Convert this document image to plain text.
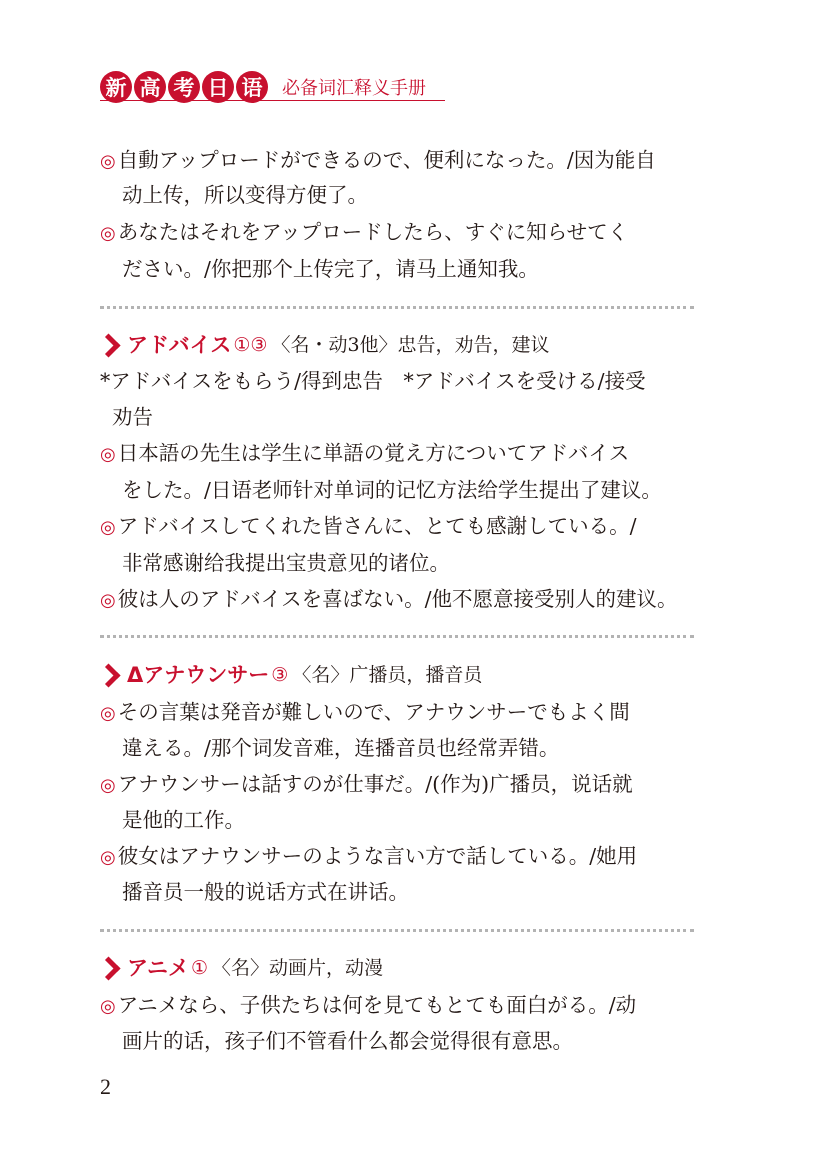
新 高 考 日 语	必备词汇释义手册
◎自動アップロードができるので、便利になった。/因为能自
动上传，所以变得方便了。
◎あなたはそれをアップロードしたら、すぐに知らせてく
ださい。/你把那个上传完了，请马上通知我。
アドバイス ①③ 〈名・动3他〉忠告，劝告，建议
*アドバイスをもらう/得到忠告　*アドバイスを受ける/接受
劝告
◎日本語の先生は学生に単語の覚え方についてアドバイス
をした。/日语老师针对单词的记忆方法给学生提出了建议。
◎アドバイスしてくれた皆さんに、とても感謝している。/
非常感谢给我提出宝贵意见的诸位。
◎彼は人のアドバイスを喜ばない。/他不愿意接受别人的建议。
Δアナウンサー ③ 〈名〉广播员，播音员
◎その言葉は発音が難しいので、アナウンサーでもよく間
違える。/那个词发音难，连播音员也经常弄错。
◎アナウンサーは話すのが仕事だ。/(作为)广播员，说话就
是他的工作。
◎彼女はアナウンサーのような言い方で話している。/她用
播音员一般的说话方式在讲话。
アニメ ① 〈名〉动画片，动漫
◎アニメなら、子供たちは何を見てもとても面白がる。/动
画片的话，孩子们不管看什么都会觉得很有意思。
2
